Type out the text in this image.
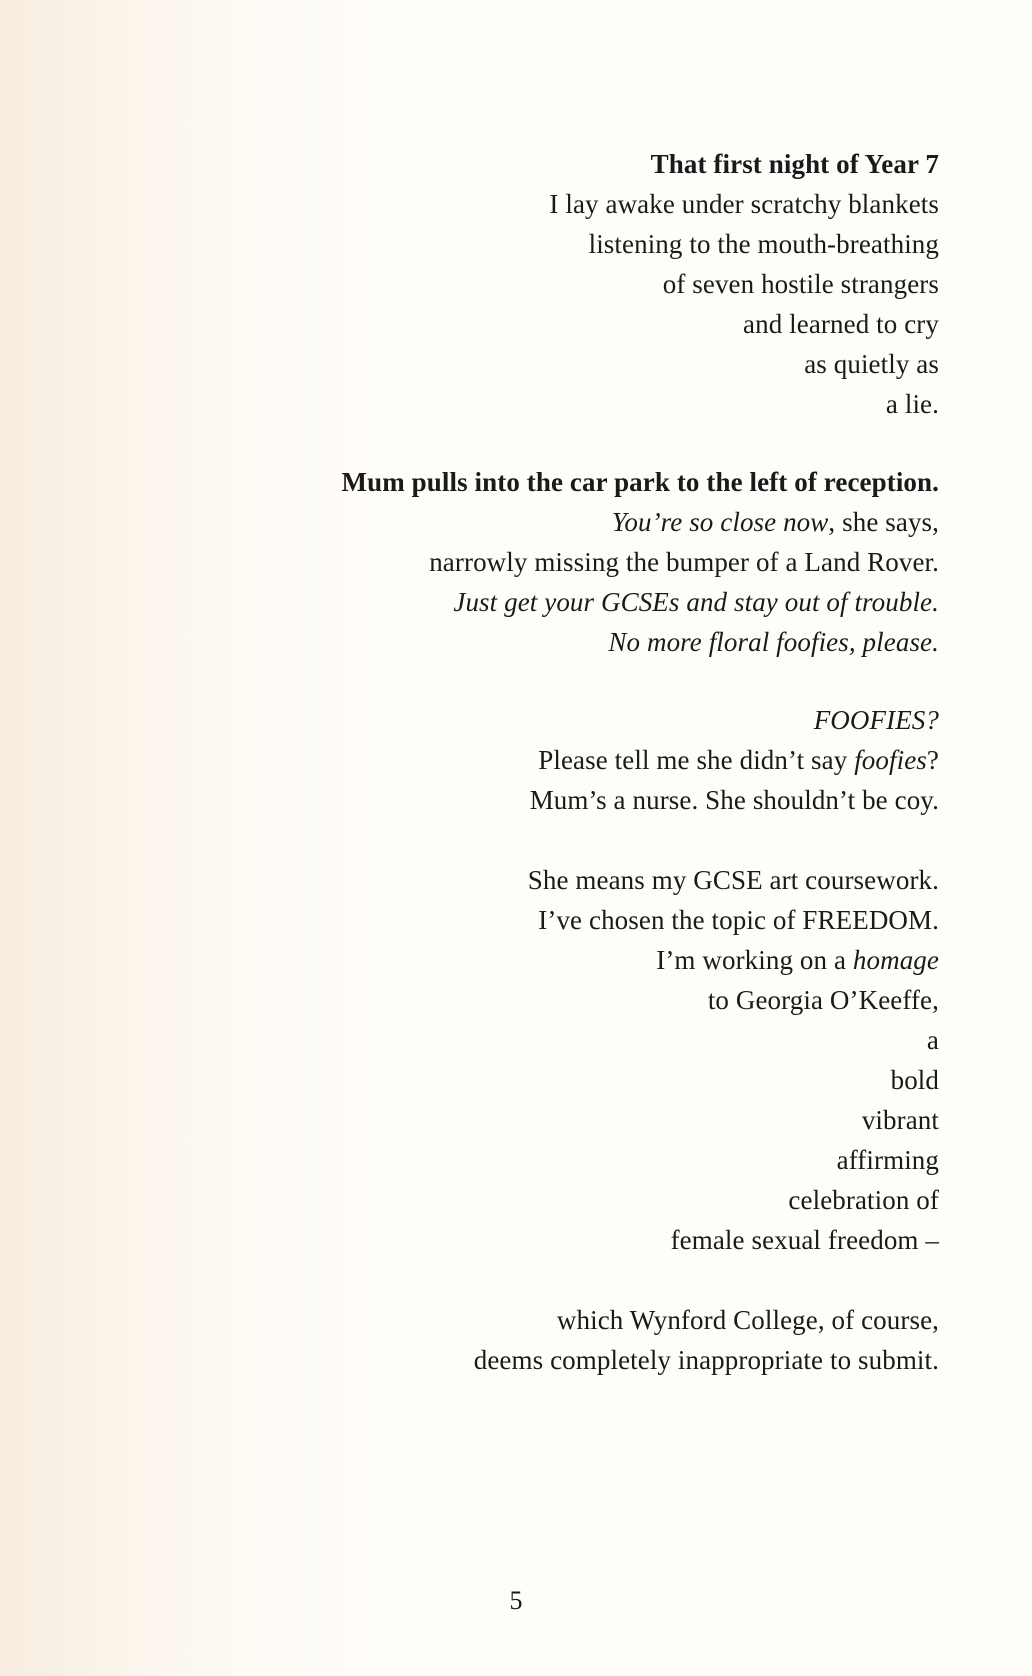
That first night of Year 7
I lay awake under scratchy blankets
listening to the mouth-breathing
of seven hostile strangers
and learned to cry
as quietly as
a lie.
Mum pulls into the car park to the left of reception.
You’re so close now, she says,
narrowly missing the bumper of a Land Rover.
Just get your GCSEs and stay out of trouble.
No more floral foofies, please.
FOOFIES?
Please tell me she didn’t say foofies?
Mum’s a nurse. She shouldn’t be coy.
She means my GCSE art coursework.
I’ve chosen the topic of FREEDOM.
I’m working on a homage
to Georgia O’Keeffe,
a
bold
vibrant
affirming
celebration of
female sexual freedom –
which Wynford College, of course,
deems completely inappropriate to submit.
5
